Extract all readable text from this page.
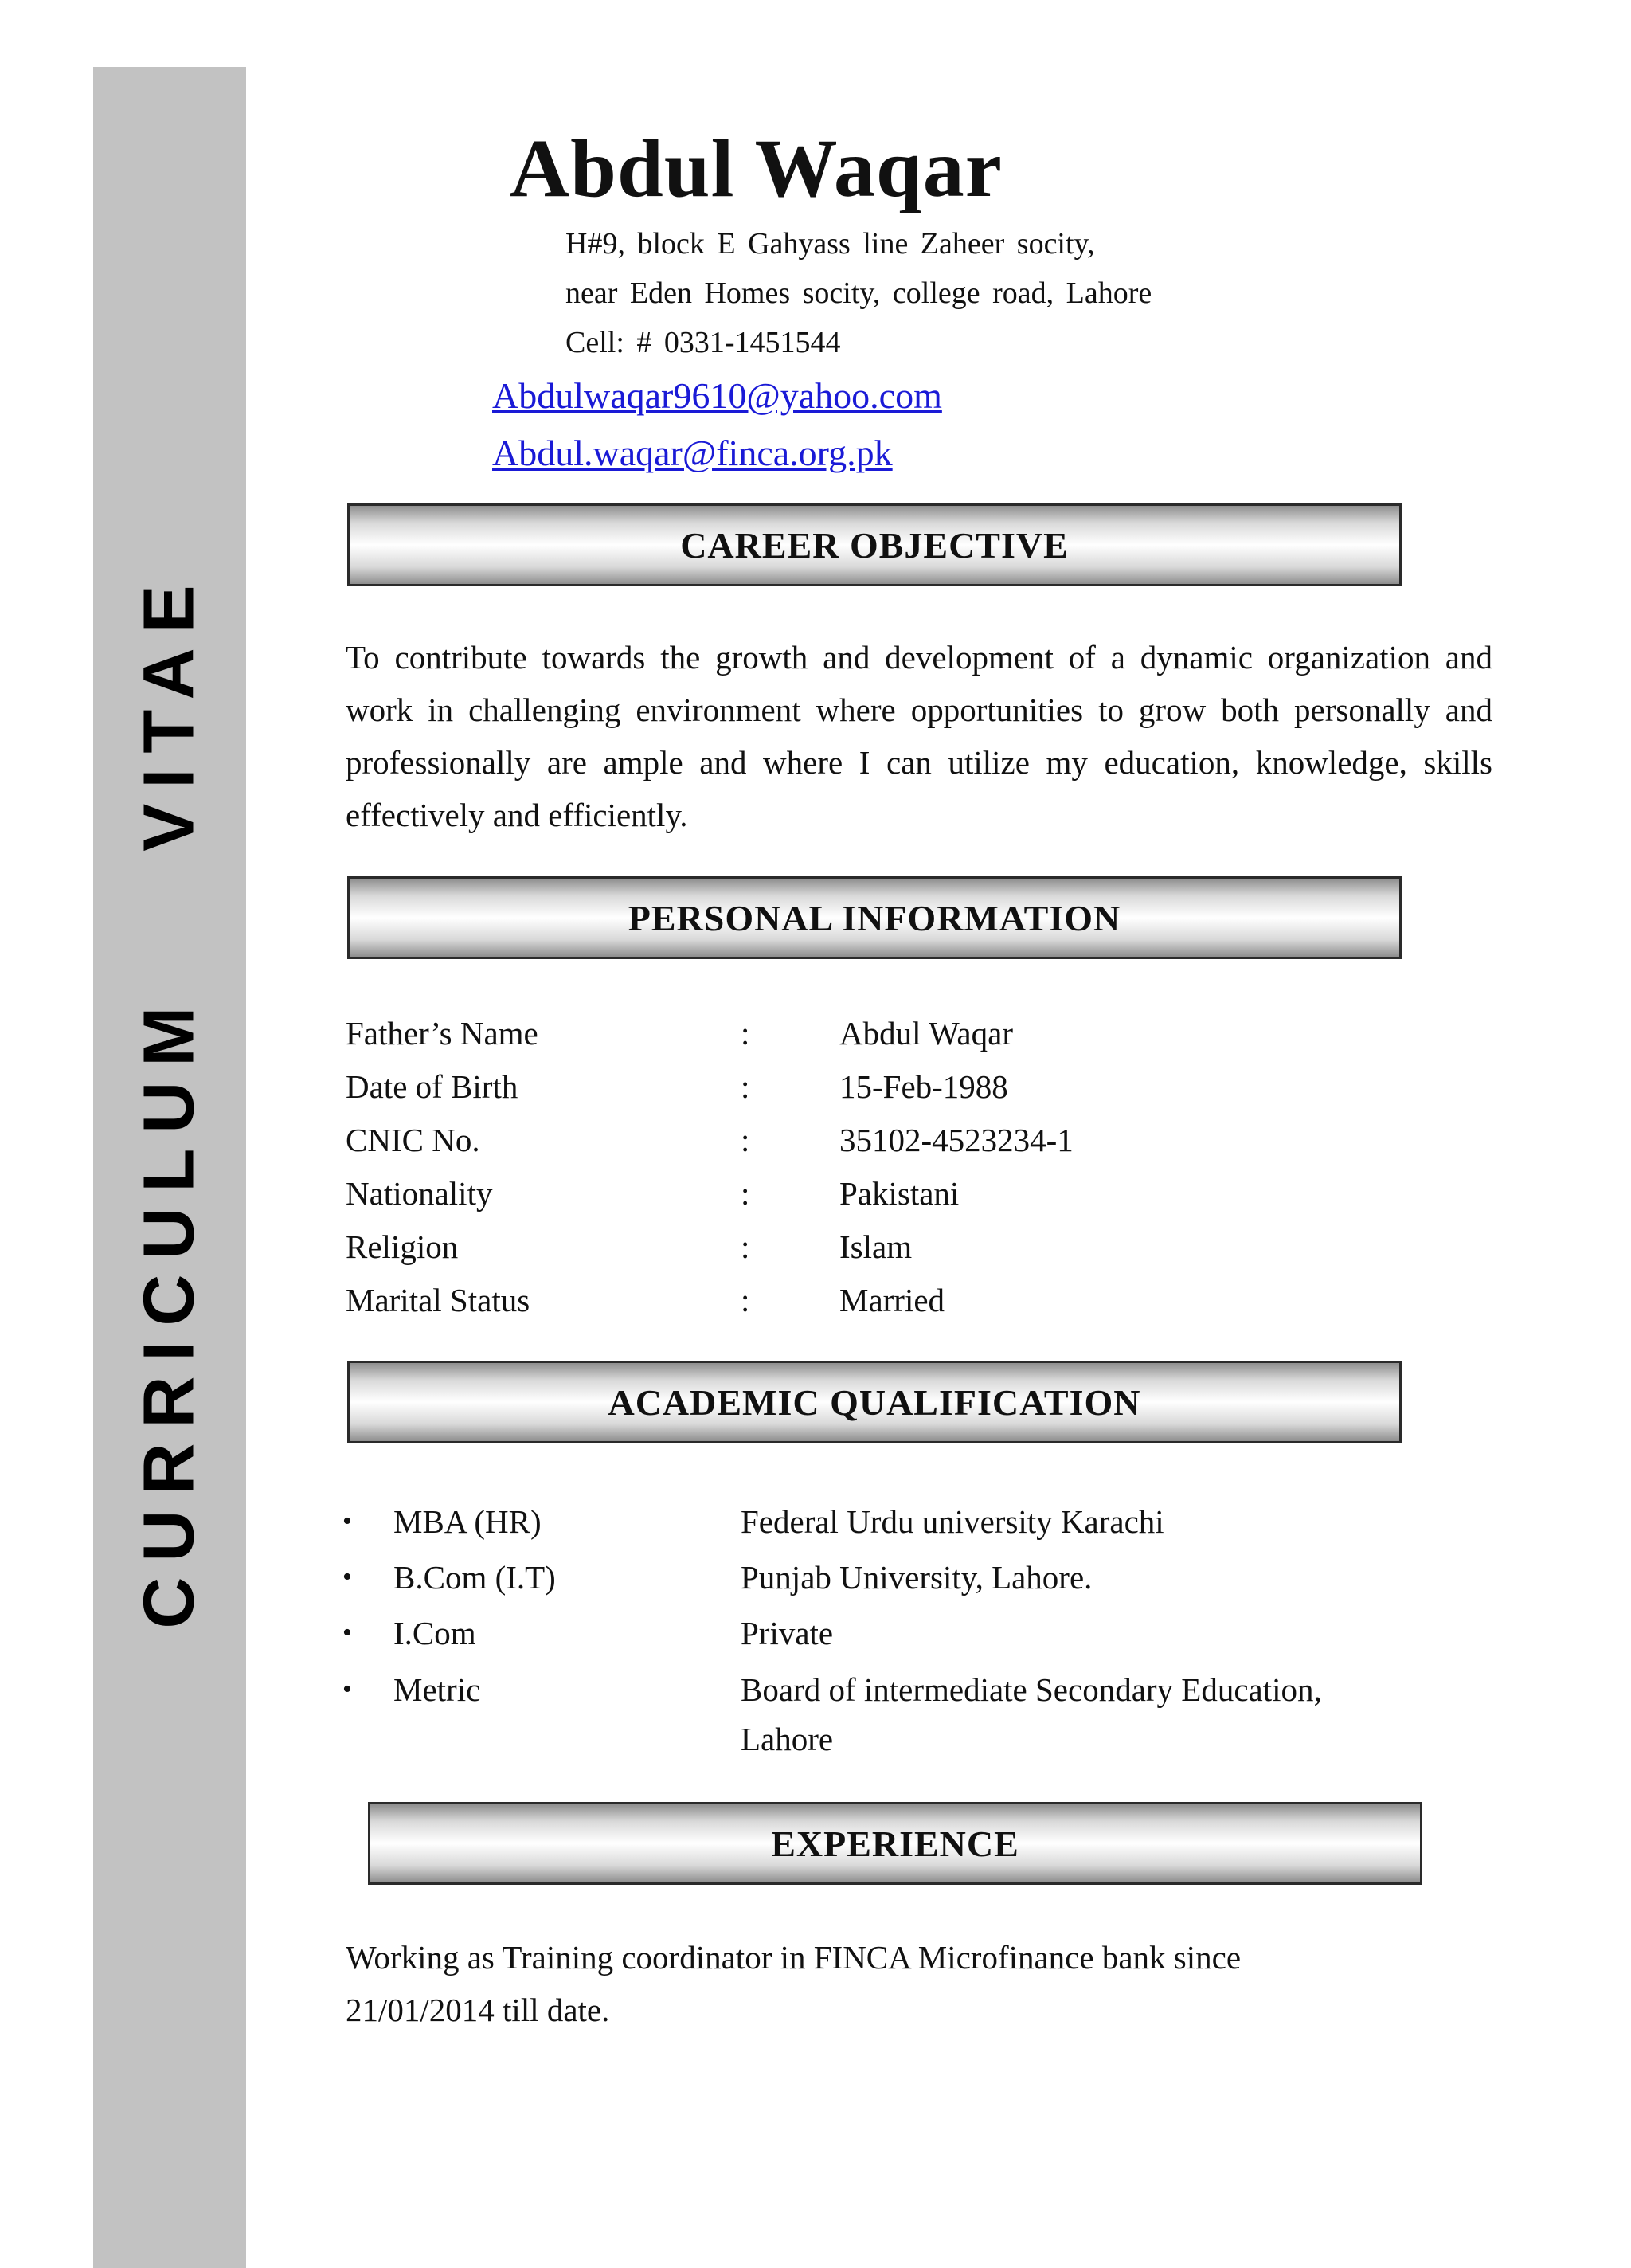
CURRICULUM    VITAE
Abdul Waqar
H#9, block E Gahyass line Zaheer socity,
near Eden Homes socity, college road, Lahore
Cell: # 0331-1451544
Abdulwaqar9610@yahoo.com
Abdul.waqar@finca.org.pk
CAREER OBJECTIVE
To contribute towards the growth and development of a dynamic organization and work in challenging environment where opportunities to grow both personally and professionally are ample and where I can utilize my education, knowledge, skills effectively and efficiently.
PERSONAL INFORMATION
Father’s Name	:	Abdul Waqar
Date of Birth	:	15-Feb-1988
CNIC No.	:	35102-4523234-1
Nationality	:	Pakistani
Religion	:	Islam
Marital Status	:	Married
ACADEMIC QUALIFICATION
• MBA (HR)	Federal Urdu university Karachi
• B.Com (I.T)	Punjab University, Lahore.
• I.Com	Private
• Metric	Board of intermediate Secondary Education, Lahore
EXPERIENCE
Working as Training coordinator in FINCA Microfinance bank since 21/01/2014 till date.
